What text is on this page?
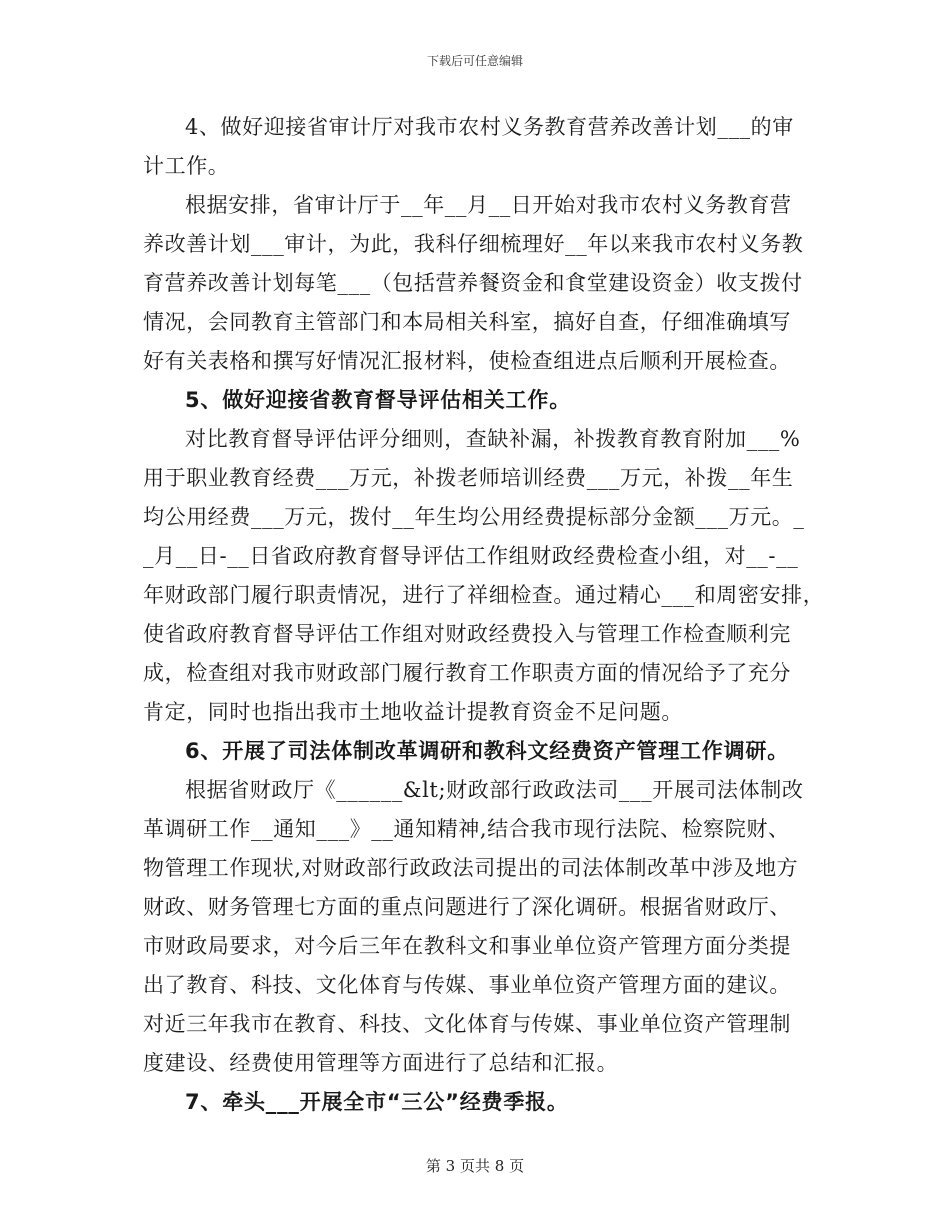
下载后可任意编辑
4、做好迎接省审计厅对我市农村义务教育营养改善计划___的审
计工作。
根据安排，省审计厅于__年__月__日开始对我市农村义务教育营
养改善计划___审计，为此，我科仔细梳理好__年以来我市农村义务教
育营养改善计划每笔___（包括营养餐资金和食堂建设资金）收支拨付
情况，会同教育主管部门和本局相关科室，搞好自查，仔细准确填写
好有关表格和撰写好情况汇报材料，使检查组进点后顺利开展检查。
5、做好迎接省教育督导评估相关工作。
对比教育督导评估评分细则，查缺补漏，补拨教育教育附加___%
用于职业教育经费___万元，补拨老师培训经费___万元，补拨__年生
均公用经费___万元，拨付__年生均公用经费提标部分金额___万元。_
_月__日-__日省政府教育督导评估工作组财政经费检查小组，对__-__
年财政部门履行职责情况，进行了祥细检查。通过精心___和周密安排，
使省政府教育督导评估工作组对财政经费投入与管理工作检查顺利完
成，检查组对我市财政部门履行教育工作职责方面的情况给予了充分
肯定，同时也指出我市土地收益计提教育资金不足问题。
6、开展了司法体制改革调研和教科文经费资产管理工作调研。
根据省财政厅《______&lt;财政部行政政法司___开展司法体制改
革调研工作__通知___》__通知精神,结合我市现行法院、检察院财、
物管理工作现状,对财政部行政政法司提出的司法体制改革中涉及地方
财政、财务管理七方面的重点问题进行了深化调研。根据省财政厅、
市财政局要求，对今后三年在教科文和事业单位资产管理方面分类提
出了教育、科技、文化体育与传媒、事业单位资产管理方面的建议。
对近三年我市在教育、科技、文化体育与传媒、事业单位资产管理制
度建设、经费使用管理等方面进行了总结和汇报。
7、牵头___开展全市“三公”经费季报。
第 3 页共 8 页
